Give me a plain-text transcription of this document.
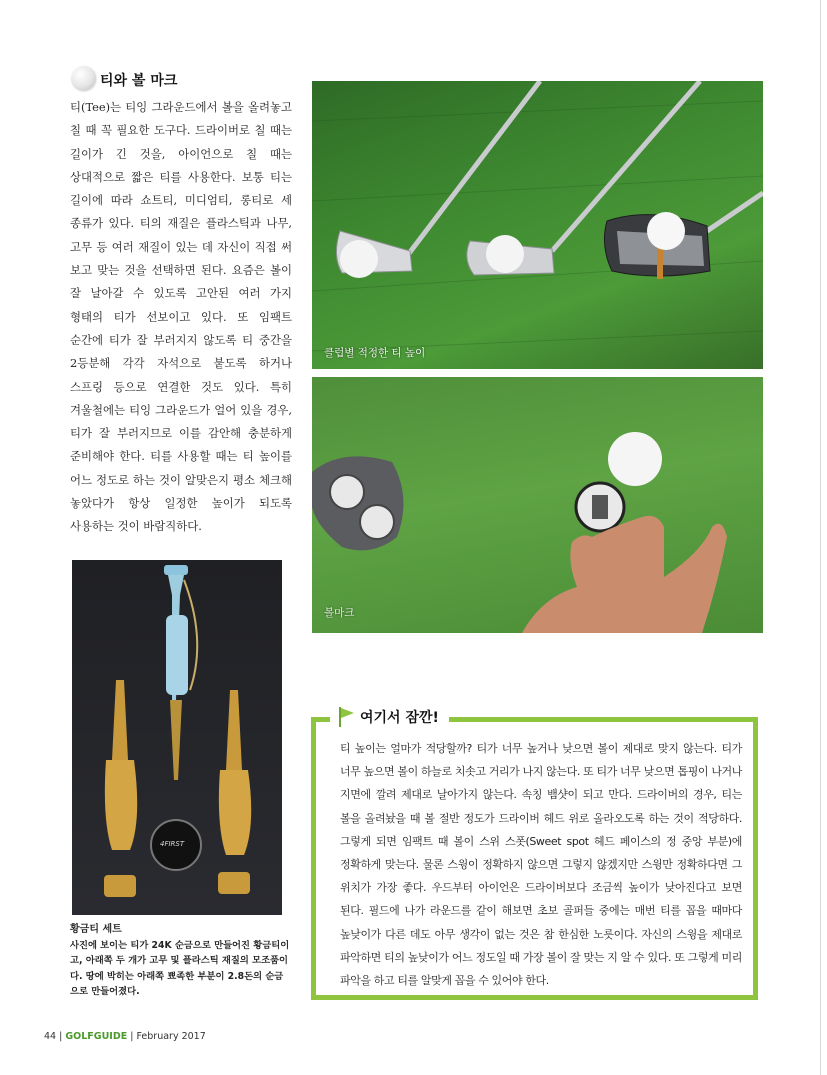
티와 볼 마크
티(Tee)는 티잉 그라운드에서 볼을 올려놓고 칠 때 꼭 필요한 도구다. 드라이버로 칠 때는 길이가 긴 것을, 아이언으로 칠 때는 상대적으로 짧은 티를 사용한다. 보통 티는 길이에 따라 쇼트티, 미디엄티, 롱티로 세 종류가 있다. 티의 재질은 플라스틱과 나무, 고무 등 여러 재질이 있는 데 자신이 직접 써 보고 맞는 것을 선택하면 된다. 요즘은 볼이 잘 날아갈 수 있도록 고안된 여러 가지 형태의 티가 선보이고 있다. 또 임팩트 순간에 티가 잘 부러지지 않도록 티 중간을 2등분해 각각 자석으로 붙도록 하거나 스프링 등으로 연결한 것도 있다. 특히 겨울철에는 티잉 그라운드가 얼어 있을 경우, 티가 잘 부러지므로 이를 감안해 충분하게 준비해야 한다. 티를 사용할 때는 티 높이를 어느 정도로 하는 것이 알맞은지 평소 체크해 놓았다가 항상 일정한 높이가 되도록 사용하는 것이 바람직하다.
클럽별 적정한 티 높이
볼마크
4FIRST
황금티 세트
사진에 보이는 티가 24K 순금으로 만들어진 황금티이고, 아래쪽 두 개가 고무 및 플라스틱 재질의 모조품이다. 땅에 박히는 아래쪽 뾰족한 부분이 2.8돈의 순금으로 만들어졌다.
여기서 잠깐!
티 높이는 얼마가 적당할까? 티가 너무 높거나 낮으면 볼이 제대로 맞지 않는다. 티가 너무 높으면 볼이 하늘로 치솟고 거리가 나지 않는다. 또 티가 너무 낮으면 톱핑이 나거나 지면에 깔려 제대로 날아가지 않는다. 속칭 뱀샷이 되고 만다. 드라이버의 경우, 티는 볼을 올려놨을 때 볼 절반 정도가 드라이버 헤드 위로 올라오도록 하는 것이 적당하다. 그렇게 되면 임팩트 때 볼이 스위 스폿(Sweet spot 헤드 페이스의 정 중앙 부분)에 정확하게 맞는다. 물론 스윙이 정확하지 않으면 그렇지 않겠지만 스윙만 정확하다면 그 위치가 가장 좋다. 우드부터 아이언은 드라이버보다 조금씩 높이가 낮아진다고 보면 된다. 필드에 나가 라운드를 같이 해보면 초보 골퍼들 중에는 매번 티를 꼽을 때마다 높낮이가 다른 데도 아무 생각이 없는 것은 참 한심한 노릇이다. 자신의 스윙을 제대로 파악하면 티의 높낮이가 어느 정도일 때 가장 볼이 잘 맞는 지 알 수 있다. 또 그렇게 미리 파악을 하고 티를 알맞게 꼽을 수 있어야 한다.
44 | GOLFGUIDE | February 2017
